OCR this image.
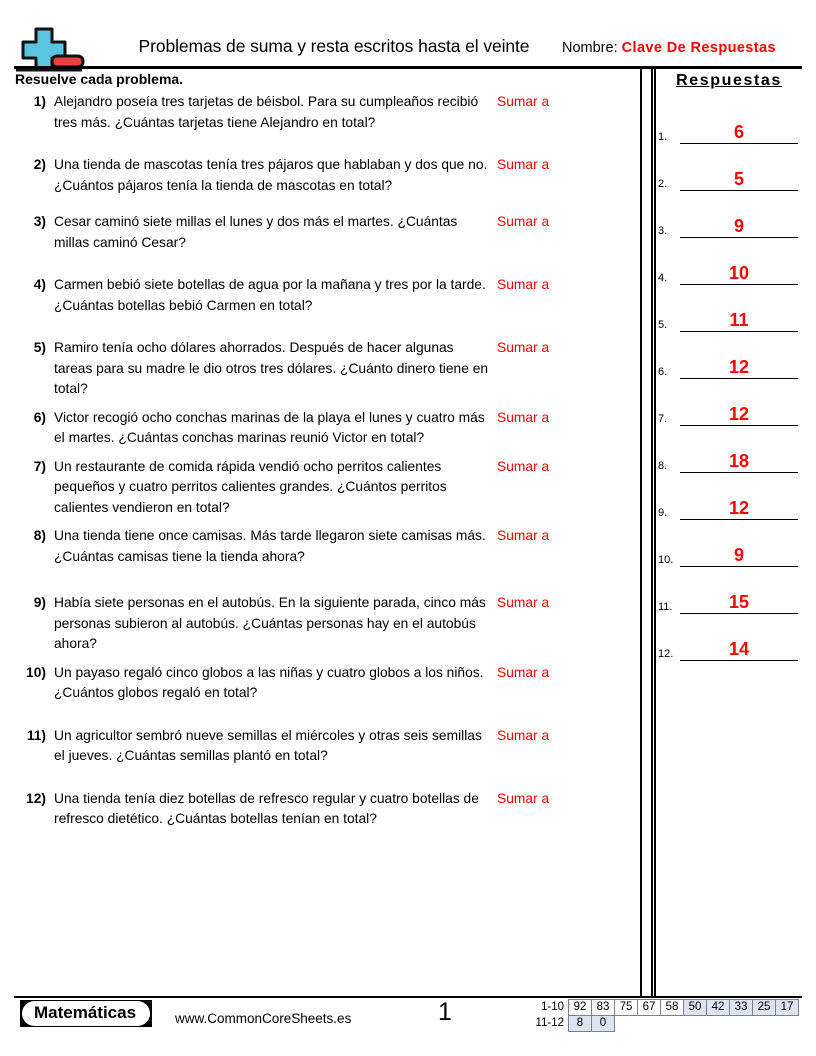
Problemas de suma y resta escritos hasta el veinte	Nombre: Clave De Respuestas
Resuelve cada problema.
1) Alejandro poseía tres tarjetas de béisbol. Para su cumpleaños recibió tres más. ¿Cuántas tarjetas tiene Alejandro en total?
Sumar a
2) Una tienda de mascotas tenía tres pájaros que hablaban y dos que no. ¿Cuántos pájaros tenía la tienda de mascotas en total?
Sumar a
3) Cesar caminó siete millas el lunes y dos más el martes. ¿Cuántas millas caminó Cesar?
Sumar a
4) Carmen bebió siete botellas de agua por la mañana y tres por la tarde. ¿Cuántas botellas bebió Carmen en total?
Sumar a
5) Ramiro tenía ocho dólares ahorrados. Después de hacer algunas tareas para su madre le dio otros tres dólares. ¿Cuánto dinero tiene en total?
Sumar a
6) Victor recogió ocho conchas marinas de la playa el lunes y cuatro más el martes. ¿Cuántas conchas marinas reunió Victor en total?
Sumar a
7) Un restaurante de comida rápida vendió ocho perritos calientes pequeños y cuatro perritos calientes grandes. ¿Cuántos perritos calientes vendieron en total?
Sumar a
8) Una tienda tiene once camisas. Más tarde llegaron siete camisas más. ¿Cuántas camisas tiene la tienda ahora?
Sumar a
9) Había siete personas en el autobús. En la siguiente parada, cinco más personas subieron al autobús. ¿Cuántas personas hay en el autobús ahora?
Sumar a
10) Un payaso regaló cinco globos a las niñas y cuatro globos a los niños. ¿Cuántos globos regaló en total?
Sumar a
11) Un agricultor sembró nueve semillas el miércoles y otras seis semillas el jueves. ¿Cuántas semillas plantó en total?
Sumar a
12) Una tienda tenía diez botellas de refresco regular y cuatro botellas de refresco dietético. ¿Cuántas botellas tenían en total?
Sumar a
Respuestas
1.	6
2.	5
3.	9
4.	10
5.	11
6.	12
7.	12
8.	18
9.	12
10.	9
11.	15
12.	14
Matemáticas	www.CommonCoreSheets.es	1	1-10	92	83	75	67	58	50	42	33	25	17
11-12	8	0								
